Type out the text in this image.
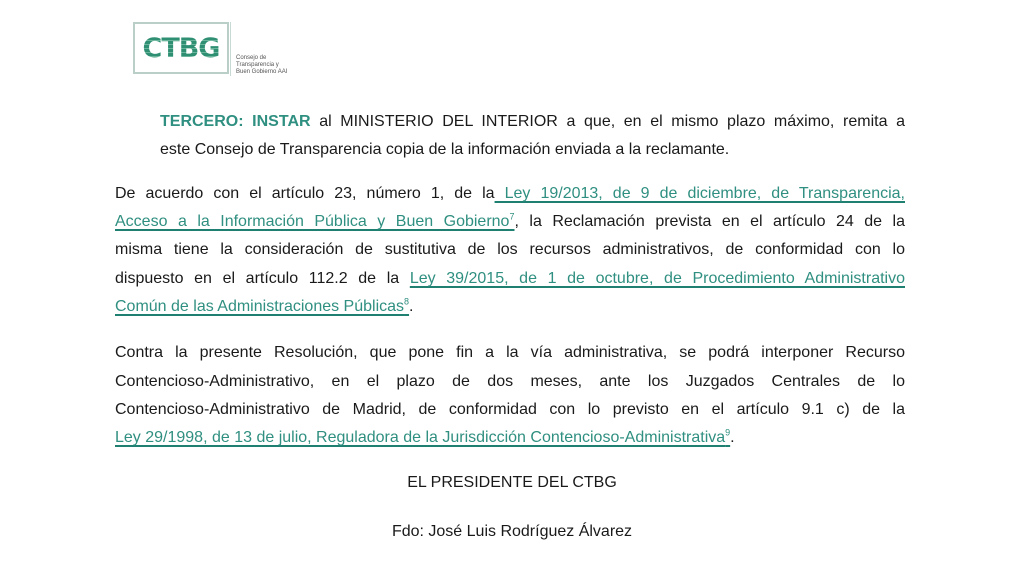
CTBG	Consejo de
Transparencia y
Buen Gobierno AAI
TERCERO: INSTAR al MINISTERIO DEL INTERIOR a que, en el mismo plazo máximo, remita a
este Consejo de Transparencia copia de la información enviada a la reclamante.
De acuerdo con el artículo 23, número 1, de la Ley 19/2013, de 9 de diciembre, de Transparencia,
Acceso a la Información Pública y Buen Gobierno$^7$, la Reclamación prevista en el artículo 24 de la
misma tiene la consideración de sustitutiva de los recursos administrativos, de conformidad con lo
dispuesto en el artículo 112.2 de la Ley 39/2015, de 1 de octubre, de Procedimiento Administrativo
Común de las Administraciones Públicas$^8$.
Contra la presente Resolución, que pone fin a la vía administrativa, se podrá interponer Recurso
Contencioso-Administrativo, en el plazo de dos meses, ante los Juzgados Centrales de lo
Contencioso-Administrativo de Madrid, de conformidad con lo previsto en el artículo 9.1 c) de la
Ley 29/1998, de 13 de julio, Reguladora de la Jurisdicción Contencioso-Administrativa$^9$.
EL PRESIDENTE DEL CTBG
Fdo: José Luis Rodríguez Álvarez
